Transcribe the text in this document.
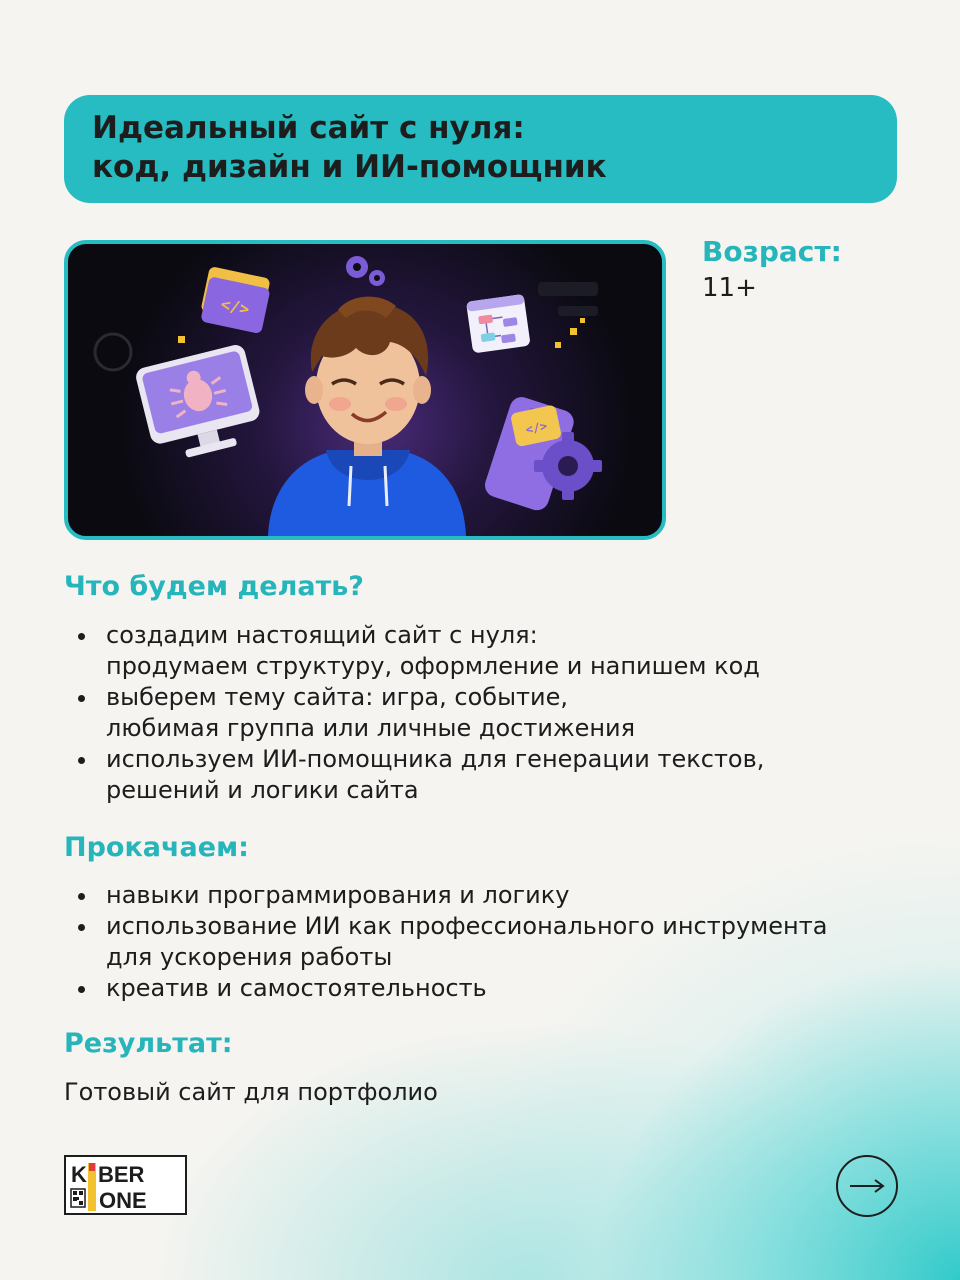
Идеальный сайт с нуля:
код, дизайн и ИИ-помощник
</>
</>
Возраст:
11+
Что будем делать?
создадим настоящий сайт с нуля:
продумаем структуру, оформление и напишем код
выберем тему сайта: игра, событие,
любимая группа или личные достижения
используем ИИ-помощника для генерации текстов,
решений и логики сайта
Прокачаем:
навыки программирования и логику
использование ИИ как профессионального инструмента
для ускорения работы
креатив и самостоятельность
Результат:
Готовый сайт для портфолио
K BER
I
ONE
